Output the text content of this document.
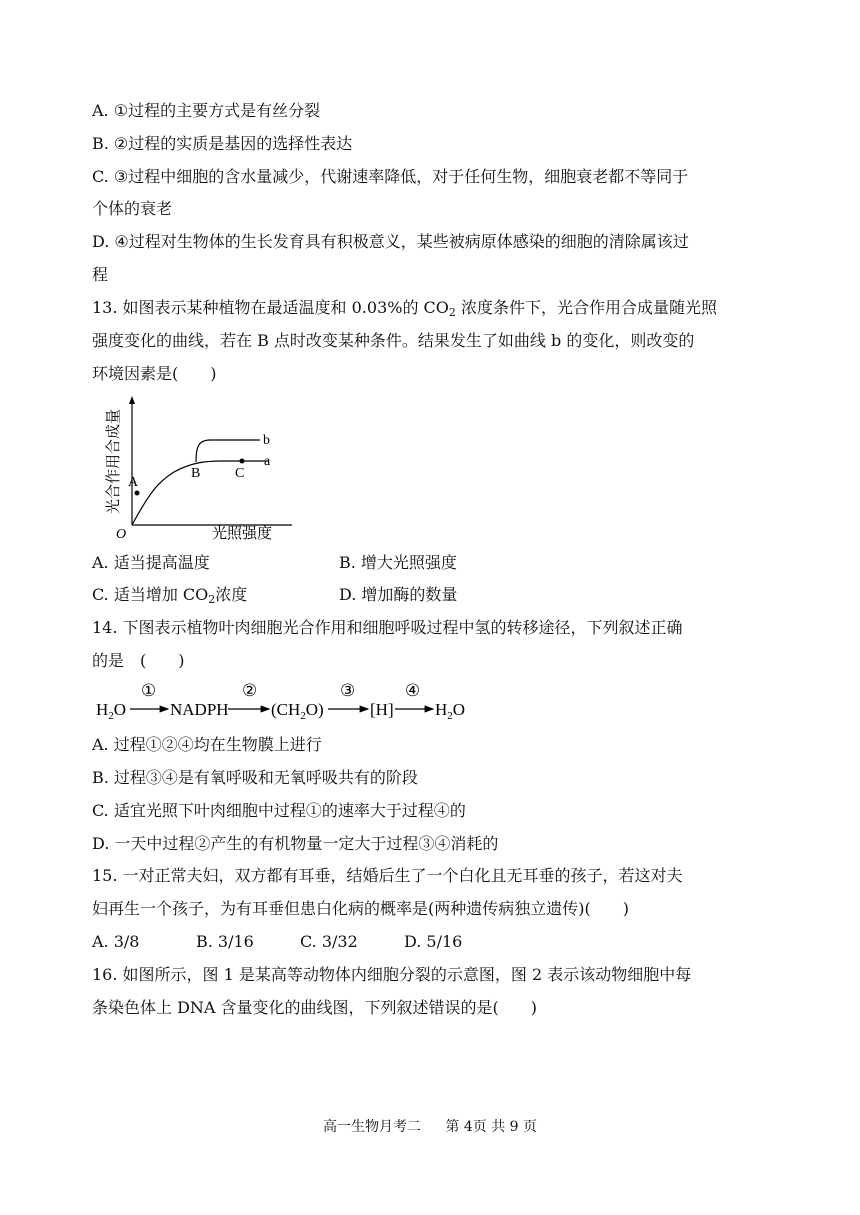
A. ①过程的主要方式是有丝分裂
B. ②过程的实质是基因的选择性表达
C. ③过程中细胞的含水量减少，代谢速率降低，对于任何生物，细胞衰老都不等同于
个体的衰老
D. ④过程对生物体的生长发育具有积极意义，某些被病原体感染的细胞的清除属该过
程
13. 如图表示某种植物在最适温度和 0.03%的 $CO_2$ 浓度条件下，光合作用合成量随光照
强度变化的曲线，若在 B 点时改变某种条件。结果发生了如曲线 b 的变化，则改变的
环境因素是(　　)
A
B C
a
b
O	光照强度
光合作用合成量
A. 适当提高温度	B. 增大光照强度
C. 适当增加 $CO_2$浓度	D. 增加酶的数量
14. 下图表示植物叶肉细胞光合作用和细胞呼吸过程中氢的转移途径，下列叙述正确
的是　(　　)
$H_2O$
①
NADPH
②
$(CH_2O)$
③
[H]
④
$H_2O$
A. 过程①②④均在生物膜上进行
B. 过程③④是有氧呼吸和无氧呼吸共有的阶段
C. 适宜光照下叶肉细胞中过程①的速率大于过程④的
D. 一天中过程②产生的有机物量一定大于过程③④消耗的
15. 一对正常夫妇，双方都有耳垂，结婚后生了一个白化且无耳垂的孩子，若这对夫
妇再生一个孩子，为有耳垂但患白化病的概率是(两种遗传病独立遗传)(　　)
A. 3/8	B. 3/16	C. 3/32	D. 5/16
16. 如图所示，图 1 是某高等动物体内细胞分裂的示意图，图 2 表示该动物细胞中每
条染色体上 DNA 含量变化的曲线图，下列叙述错误的是(　　)
高一生物月考二 第 4页 共 9 页
